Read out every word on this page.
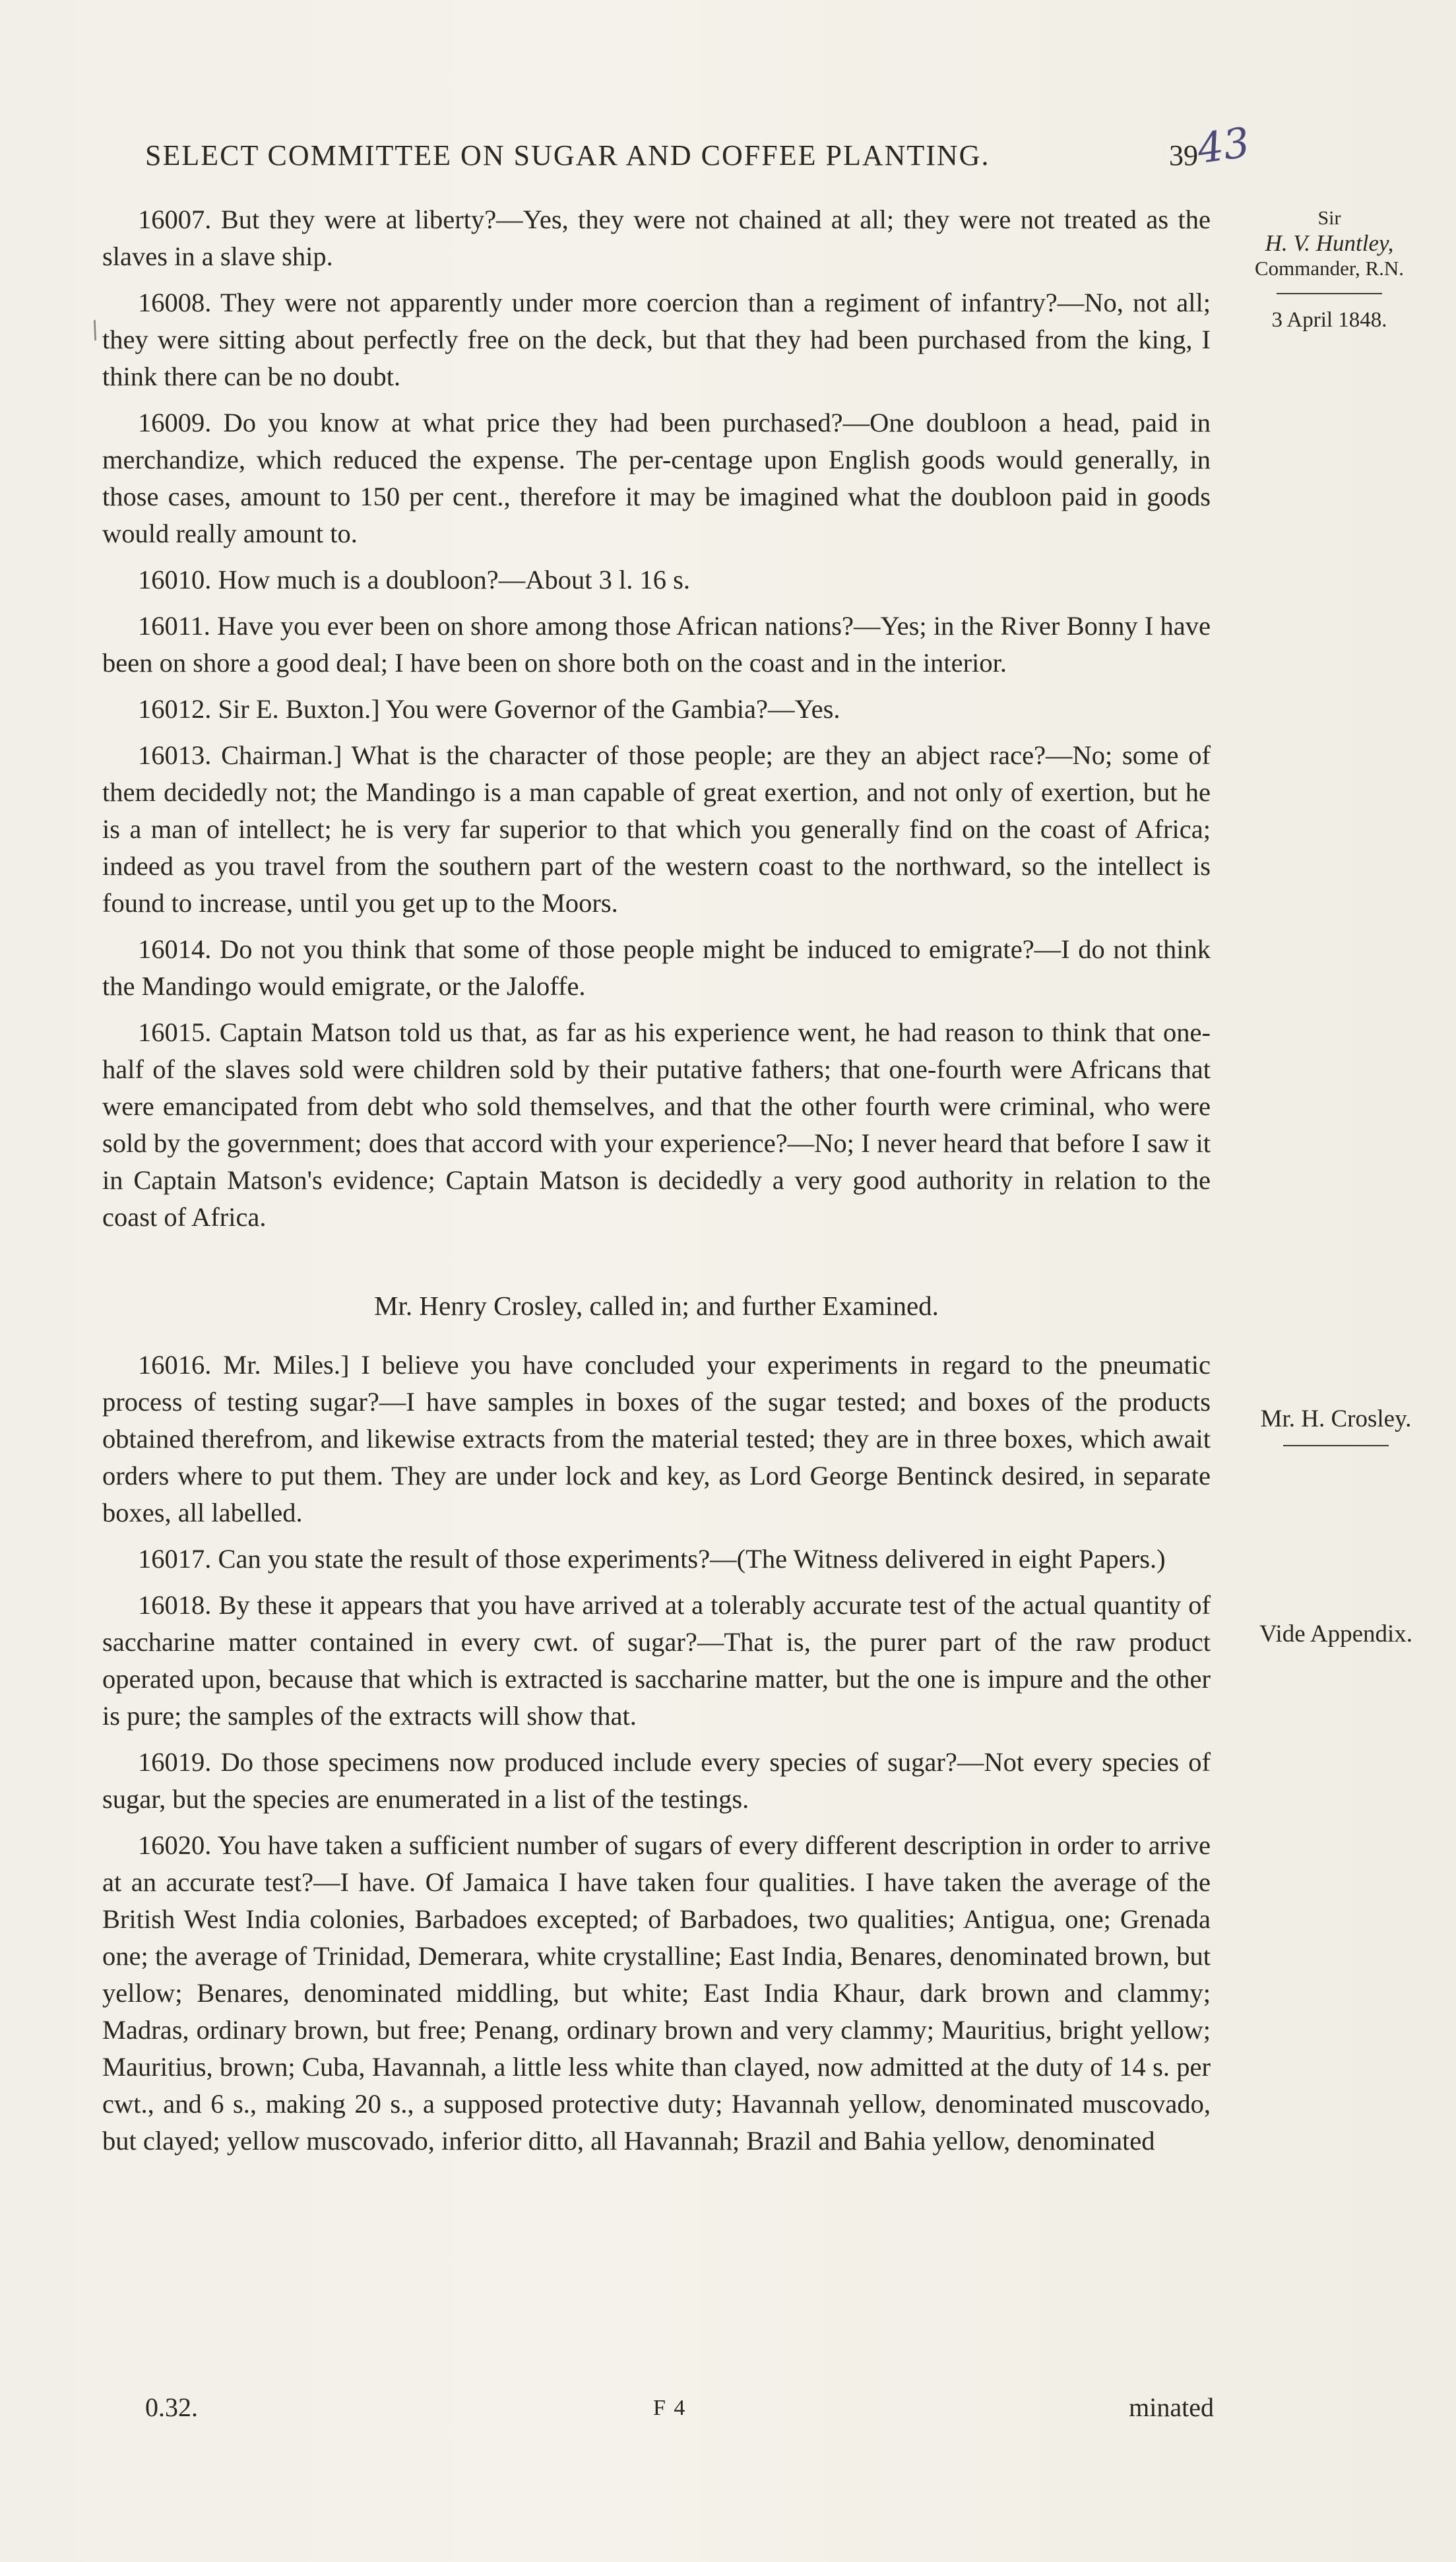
SELECT COMMITTEE ON SUGAR AND COFFEE PLANTING.	39
43
/
Sir
H. V. Huntley,
Commander, R.N.
3 April 1848.
Mr. H. Crosley.
Vide Appendix.

16007. But they were at liberty?—Yes, they were not chained at all; they were not treated as the slaves in a slave ship.

16008. They were not apparently under more coercion than a regiment of infantry?—No, not all; they were sitting about perfectly free on the deck, but that they had been purchased from the king, I think there can be no doubt.

16009. Do you know at what price they had been purchased?—One doubloon a head, paid in merchandize, which reduced the expense. The per-centage upon English goods would generally, in those cases, amount to 150 per cent., therefore it may be imagined what the doubloon paid in goods would really amount to.

16010. How much is a doubloon?—About 3 l. 16 s.

16011. Have you ever been on shore among those African nations?—Yes; in the River Bonny I have been on shore a good deal; I have been on shore both on the coast and in the interior.

16012. Sir E. Buxton.] You were Governor of the Gambia?—Yes.

16013. Chairman.] What is the character of those people; are they an abject race?—No; some of them decidedly not; the Mandingo is a man capable of great exertion, and not only of exertion, but he is a man of intellect; he is very far superior to that which you generally find on the coast of Africa; indeed as you travel from the southern part of the western coast to the northward, so the intellect is found to increase, until you get up to the Moors.

16014. Do not you think that some of those people might be induced to emigrate?—I do not think the Mandingo would emigrate, or the Jaloffe.

16015. Captain Matson told us that, as far as his experience went, he had reason to think that one-half of the slaves sold were children sold by their putative fathers; that one-fourth were Africans that were emancipated from debt who sold themselves, and that the other fourth were criminal, who were sold by the government; does that accord with your experience?—No; I never heard that before I saw it in Captain Matson's evidence; Captain Matson is decidedly a very good authority in relation to the coast of Africa.

Mr. Henry Crosley, called in; and further Examined.

16016. Mr. Miles.] I believe you have concluded your experiments in regard to the pneumatic process of testing sugar?—I have samples in boxes of the sugar tested; and boxes of the products obtained therefrom, and likewise extracts from the material tested; they are in three boxes, which await orders where to put them. They are under lock and key, as Lord George Bentinck desired, in separate boxes, all labelled.

16017. Can you state the result of those experiments?—(The Witness delivered in eight Papers.)

16018. By these it appears that you have arrived at a tolerably accurate test of the actual quantity of saccharine matter contained in every cwt. of sugar?—That is, the purer part of the raw product operated upon, because that which is extracted is saccharine matter, but the one is impure and the other is pure; the samples of the extracts will show that.

16019. Do those specimens now produced include every species of sugar?—Not every species of sugar, but the species are enumerated in a list of the testings.

16020. You have taken a sufficient number of sugars of every different description in order to arrive at an accurate test?—I have. Of Jamaica I have taken four qualities. I have taken the average of the British West India colonies, Barbadoes excepted; of Barbadoes, two qualities; Antigua, one; Grenada one; the average of Trinidad, Demerara, white crystalline; East India, Benares, denominated brown, but yellow; Benares, denominated middling, but white; East India Khaur, dark brown and clammy; Madras, ordinary brown, but free; Penang, ordinary brown and very clammy; Mauritius, bright yellow; Mauritius, brown; Cuba, Havannah, a little less white than clayed, now admitted at the duty of 14 s. per cwt., and 6 s., making 20 s., a supposed protective duty; Havannah yellow, denominated muscovado, but clayed; yellow muscovado, inferior ditto, all Havannah; Brazil and Bahia yellow, denominated

0.32.	F 4	minated
